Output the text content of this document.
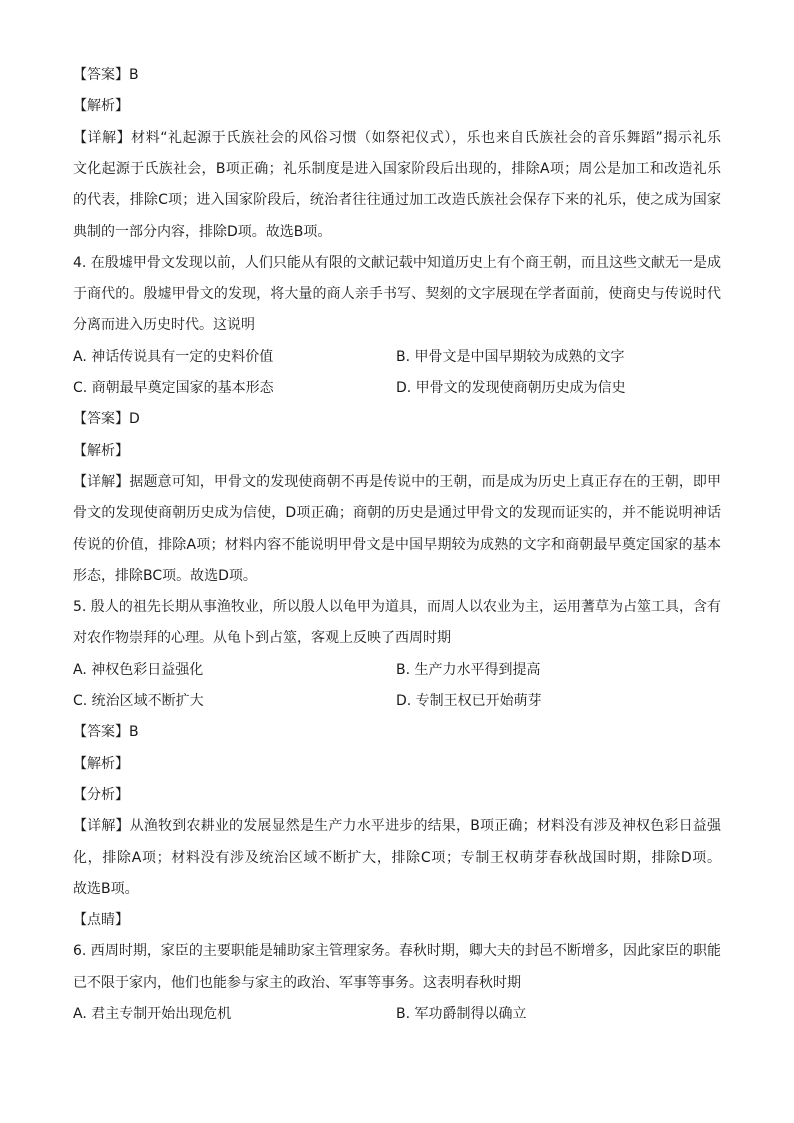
【答案】B
【解析】
【详解】材料“礼起源于氏族社会的风俗习惯（如祭祀仪式），乐也来自氏族社会的音乐舞蹈”揭示礼乐
文化起源于氏族社会，B项正确；礼乐制度是进入国家阶段后出现的，排除A项；周公是加工和改造礼乐
的代表，排除C项；进入国家阶段后，统治者往往通过加工改造氏族社会保存下来的礼乐，使之成为国家
典制的一部分内容，排除D项。故选B项。
4. 在殷墟甲骨文发现以前，人们只能从有限的文献记载中知道历史上有个商王朝，而且这些文献无一是成
于商代的。殷墟甲骨文的发现，将大量的商人亲手书写、契刻的文字展现在学者面前，使商史与传说时代
分离而进入历史时代。这说明
A. 神话传说具有一定的史料价值	B. 甲骨文是中国早期较为成熟的文字
C. 商朝最早奠定国家的基本形态	D. 甲骨文的发现使商朝历史成为信史
【答案】D
【解析】
【详解】据题意可知，甲骨文的发现使商朝不再是传说中的王朝，而是成为历史上真正存在的王朝，即甲
骨文的发现使商朝历史成为信使，D项正确；商朝的历史是通过甲骨文的发现而证实的，并不能说明神话
传说的价值，排除A项；材料内容不能说明甲骨文是中国早期较为成熟的文字和商朝最早奠定国家的基本
形态，排除BC项。故选D项。
5. 殷人的祖先长期从事渔牧业，所以殷人以龟甲为道具，而周人以农业为主，运用蓍草为占筮工具，含有
对农作物崇拜的心理。从龟卜到占筮，客观上反映了西周时期
A. 神权色彩日益强化	B. 生产力水平得到提高
C. 统治区域不断扩大	D. 专制王权已开始萌芽
【答案】B
【解析】
【分析】
【详解】从渔牧到农耕业的发展显然是生产力水平进步的结果，B项正确；材料没有涉及神权色彩日益强
化，排除A项；材料没有涉及统治区域不断扩大，排除C项；专制王权萌芽春秋战国时期，排除D项。
故选B项。
【点睛】
6. 西周时期，家臣的主要职能是辅助家主管理家务。春秋时期，卿大夫的封邑不断增多，因此家臣的职能
已不限于家内，他们也能参与家主的政治、军事等事务。这表明春秋时期
A. 君主专制开始出现危机	B. 军功爵制得以确立
